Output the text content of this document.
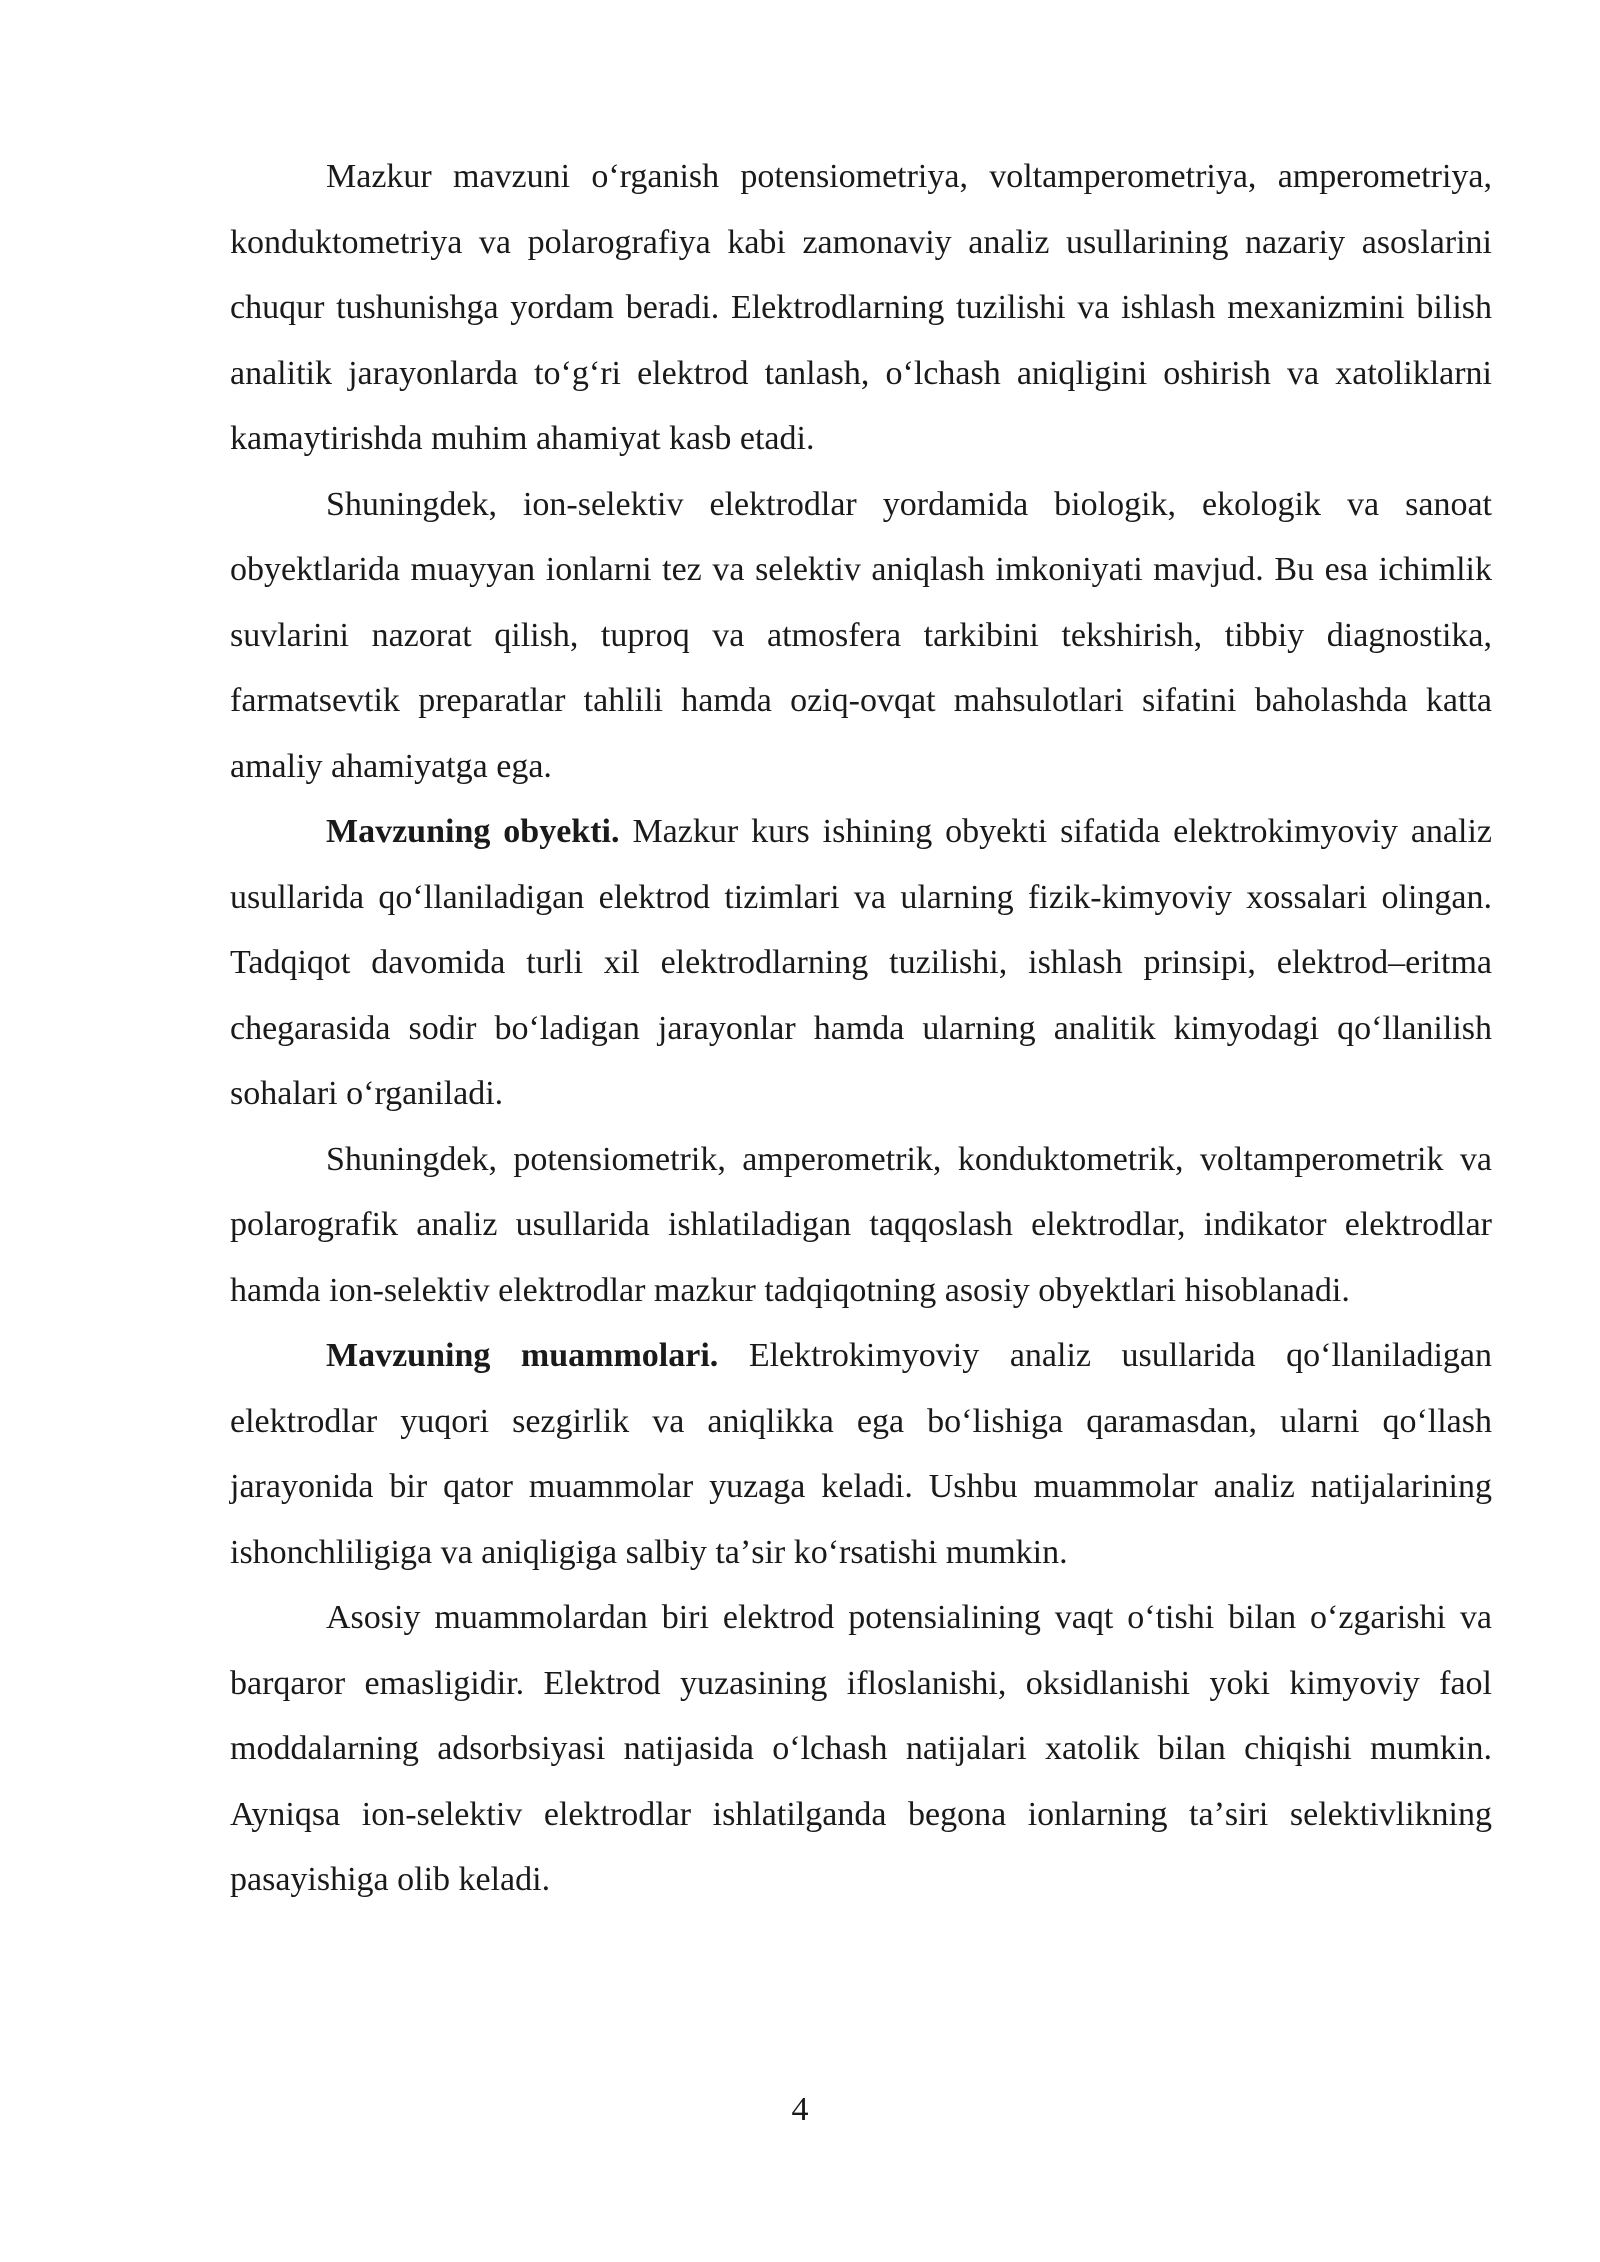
Mazkur mavzuni oʻrganish potensiometriya, voltamperometriya, amperometriya, konduktometriya va polarografiya kabi zamonaviy analiz usullarining nazariy asoslarini chuqur tushunishga yordam beradi. Elektrodlarning tuzilishi va ishlash mexanizmini bilish analitik jarayonlarda toʻgʻri elektrod tanlash, oʻlchash aniqligini oshirish va xatoliklarni kamaytirishda muhim ahamiyat kasb etadi.

Shuningdek, ion-selektiv elektrodlar yordamida biologik, ekologik va sanoat obyektlarida muayyan ionlarni tez va selektiv aniqlash imkoniyati mavjud. Bu esa ichimlik suvlarini nazorat qilish, tuproq va atmosfera tarkibini tekshirish, tibbiy diagnostika, farmatsevtik preparatlar tahlili hamda oziq-ovqat mahsulotlari sifatini baholashda katta amaliy ahamiyatga ega.

Mavzuning obyekti. Mazkur kurs ishining obyekti sifatida elektrokimyoviy analiz usullarida qoʻllaniladigan elektrod tizimlari va ularning fizik-kimyoviy xossalari olingan. Tadqiqot davomida turli xil elektrodlarning tuzilishi, ishlash prinsipi, elektrod–eritma chegarasida sodir boʻladigan jarayonlar hamda ularning analitik kimyodagi qoʻllanilish sohalari oʻrganiladi.

Shuningdek, potensiometrik, amperometrik, konduktometrik, voltamperometrik va polarografik analiz usullarida ishlatiladigan taqqoslash elektrodlar, indikator elektrodlar hamda ion-selektiv elektrodlar mazkur tadqiqotning asosiy obyektlari hisoblanadi.

Mavzuning muammolari. Elektrokimyoviy analiz usullarida qoʻllaniladigan elektrodlar yuqori sezgirlik va aniqlikka ega boʻlishiga qaramasdan, ularni qoʻllash jarayonida bir qator muammolar yuzaga keladi. Ushbu muammolar analiz natijalarining ishonchliligiga va aniqligiga salbiy taʼsir koʻrsatishi mumkin.

Asosiy muammolardan biri elektrod potensialining vaqt oʻtishi bilan oʻzgarishi va barqaror emasligidir. Elektrod yuzasining ifloslanishi, oksidlanishi yoki kimyoviy faol moddalarning adsorbsiyasi natijasida oʻlchash natijalari xatolik bilan chiqishi mumkin. Ayniqsa ion-selektiv elektrodlar ishlatilganda begona ionlarning taʼsiri selektivlikning pasayishiga olib keladi.

4
